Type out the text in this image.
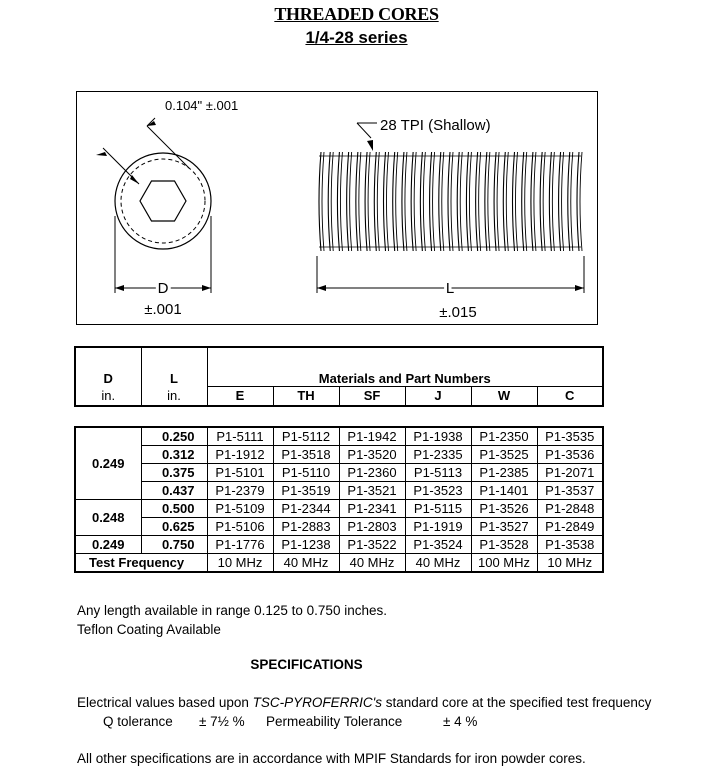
THREADED CORES
1/4-28 series
0.104" ±.001
D
±.001
28 TPI (Shallow)
L
±.015
D	L	Materials and Part Numbers					

in.	in.	E	TH	SF	J	W	C
0.249	0.250	P1-5111	P1-5112	P1-1942	P1-1938	P1-2350	P1-3535
	0.312	P1-1912	P1-3518	P1-3520	P1-2335	P1-3525	P1-3536
	0.375	P1-5101	P1-5110	P1-2360	P1-5113	P1-2385	P1-2071
	0.437	P1-2379	P1-3519	P1-3521	P1-3523	P1-1401	P1-3537
0.248	0.500	P1-5109	P1-2344	P1-2341	P1-5115	P1-3526	P1-2848
	0.625	P1-5106	P1-2883	P1-2803	P1-1919	P1-3527	P1-2849
0.249	0.750	P1-1776	P1-1238	P1-3522	P1-3524	P1-3528	P1-3538
Test Frequency		10 MHz	40 MHz	40 MHz	40 MHz	100 MHz	10 MHz
Any length available in range 0.125 to 0.750 inches.
Teflon Coating Available
SPECIFICATIONS
Electrical values based upon TSC-PYROFERRIC's standard core at the specified test frequency
Q tolerance ± 7½ % Permeability Tolerance	± 4 %
All other specifications are in accordance with MPIF Standards for iron powder cores.
